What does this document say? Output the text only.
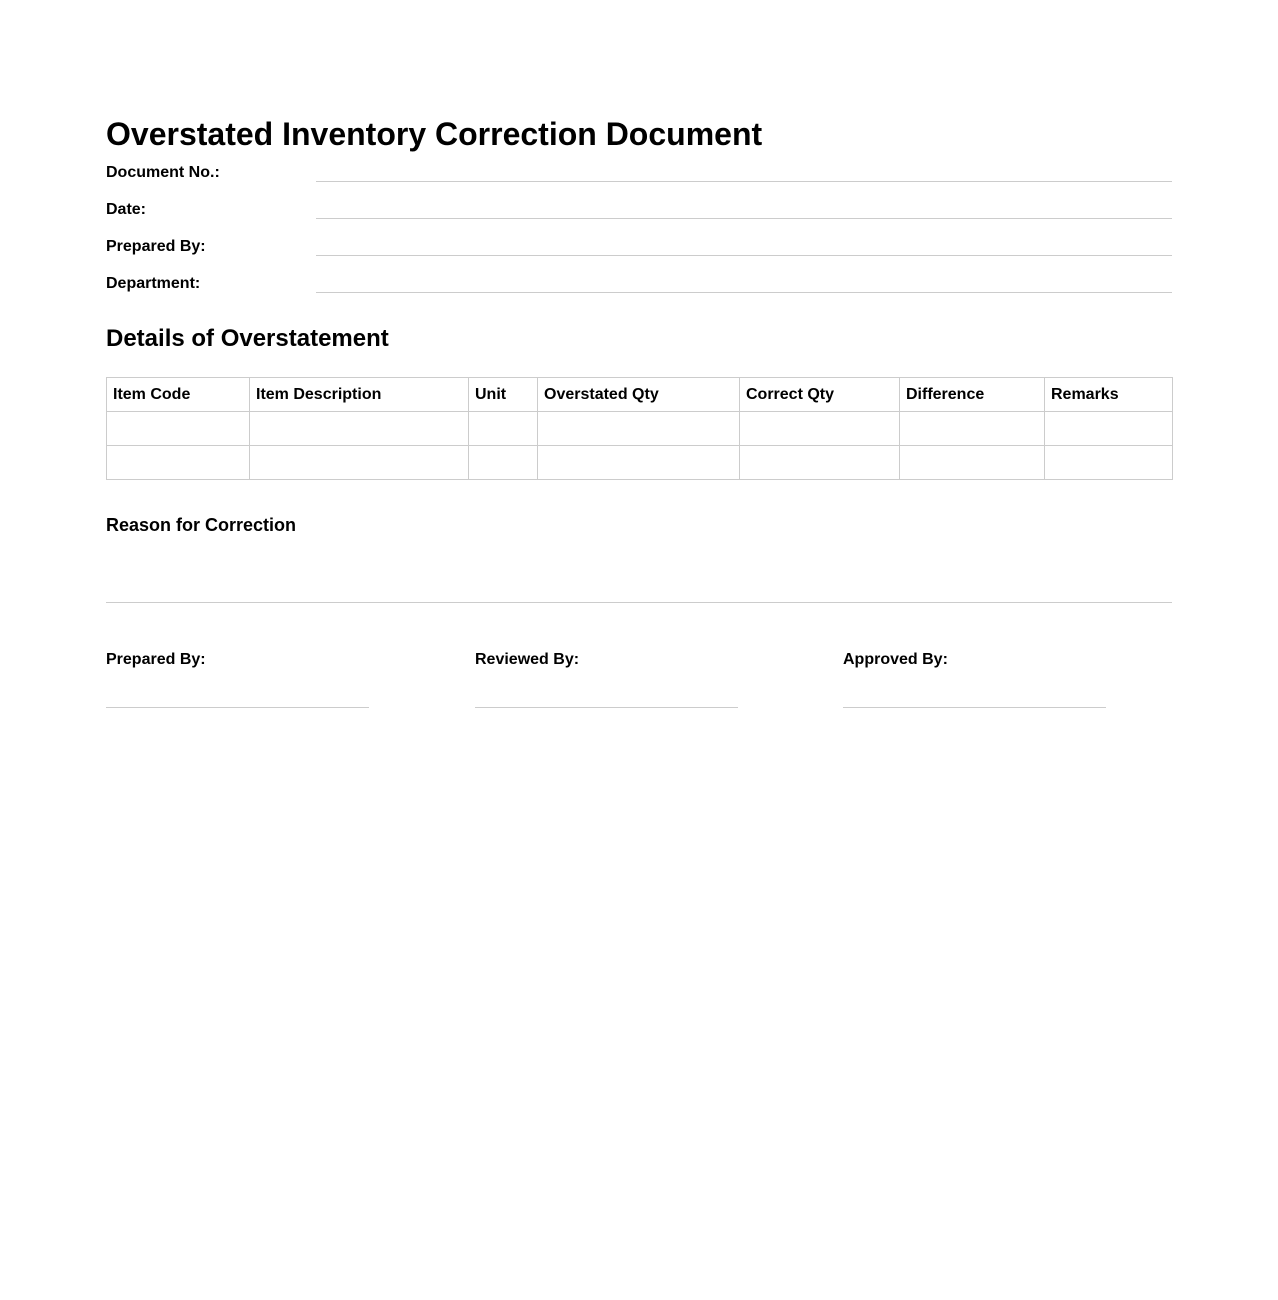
Overstated Inventory Correction Document
Document No.:
Date:
Prepared By:
Department:
Details of Overstatement
Item Code	Item Description	Unit	Overstated Qty	Correct Qty	Difference	Remarks

Reason for Correction
Prepared By:	Reviewed By:	Approved By:
